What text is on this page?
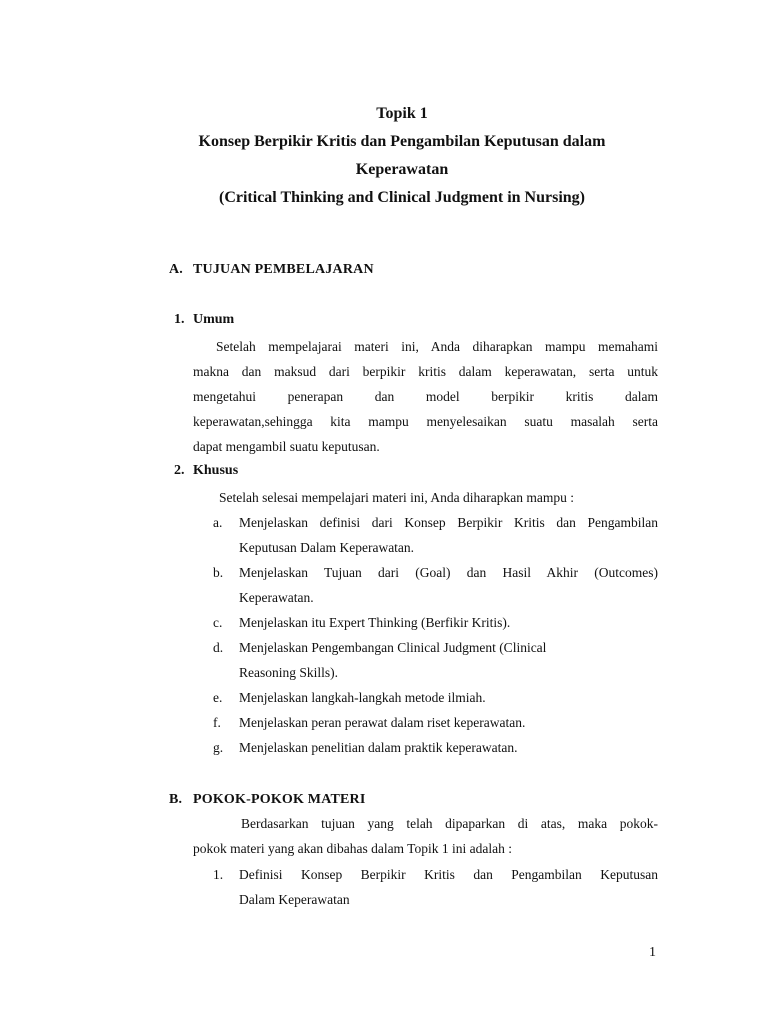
Topik 1
Konsep Berpikir Kritis dan Pengambilan Keputusan dalam
Keperawatan
(Critical Thinking and Clinical Judgment in Nursing)
A. TUJUAN PEMBELAJARAN
1. Umum
Setelah mempelajarai materi ini, Anda diharapkan mampu memahami
makna dan maksud dari berpikir kritis dalam keperawatan, serta untuk
mengetahui penerapan dan model berpikir kritis dalam
keperawatan,sehingga kita mampu menyelesaikan suatu masalah serta
dapat mengambil suatu keputusan.
2. Khusus
Setelah selesai mempelajari materi ini, Anda diharapkan mampu :
a. Menjelaskan definisi dari Konsep Berpikir Kritis dan Pengambilan
Keputusan Dalam Keperawatan.
b. Menjelaskan Tujuan dari (Goal) dan Hasil Akhir (Outcomes)
Keperawatan.
c. Menjelaskan itu Expert Thinking (Berfikir Kritis).
d. Menjelaskan Pengembangan Clinical Judgment (Clinical
Reasoning Skills).
e. Menjelaskan langkah-langkah metode ilmiah.
f. Menjelaskan peran perawat dalam riset keperawatan.
g. Menjelaskan penelitian dalam praktik keperawatan.
B. POKOK-POKOK MATERI
Berdasarkan tujuan yang telah dipaparkan di atas, maka pokok-
pokok materi yang akan dibahas dalam Topik 1 ini adalah :
1. Definisi Konsep Berpikir Kritis dan Pengambilan Keputusan
Dalam Keperawatan
1
